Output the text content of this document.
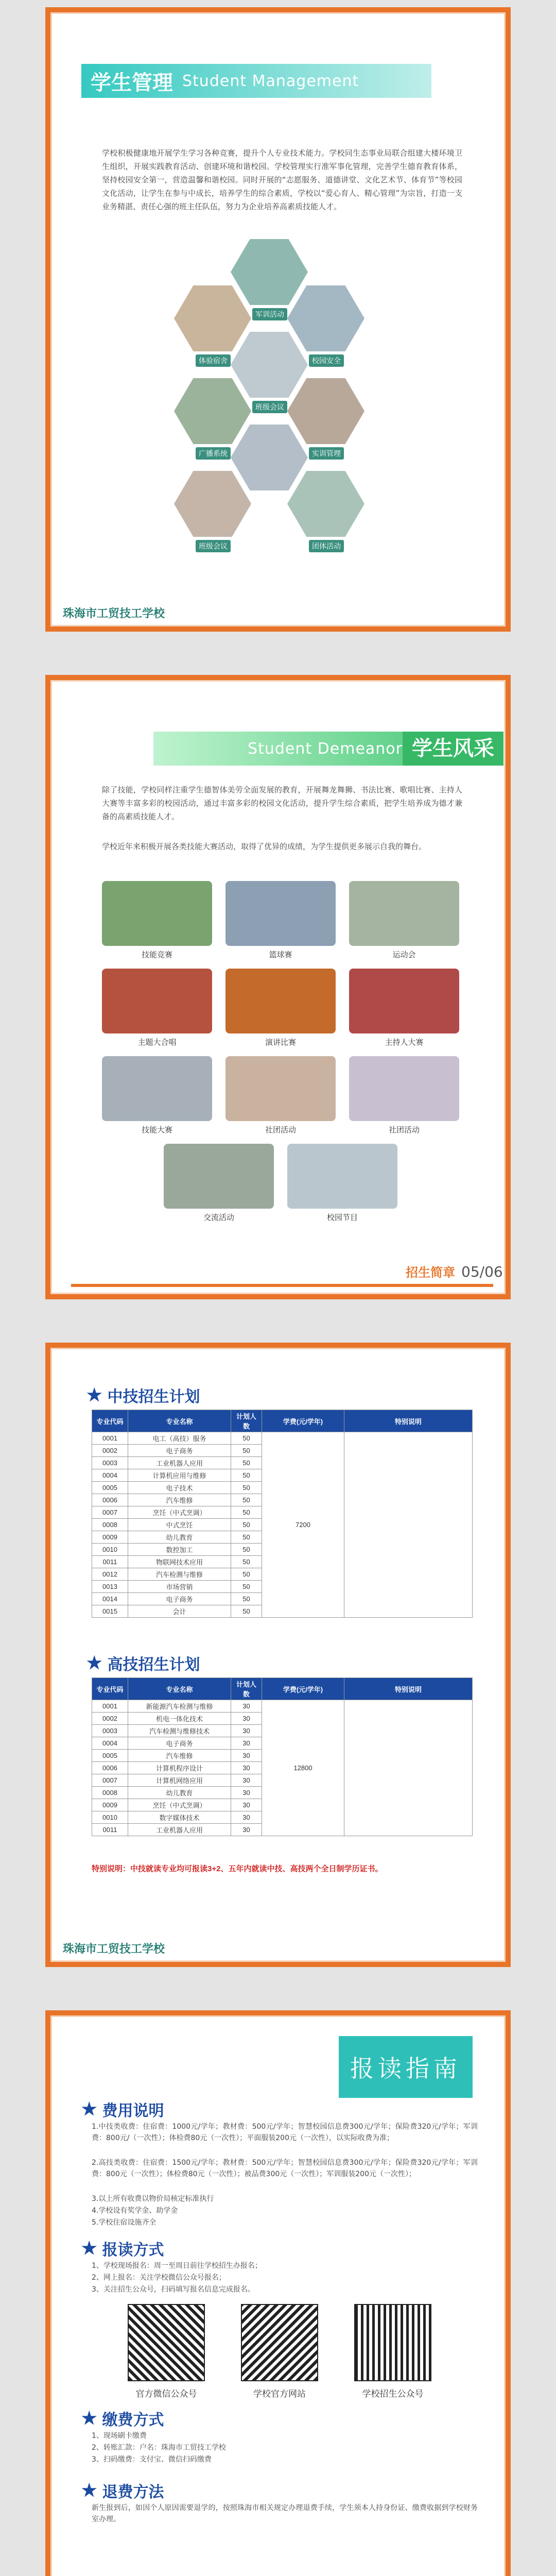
学生管理 Student Management
学校积极健康地开展学生学习各种竞赛，提升个人专业技术能力。学校同生态事业局联合组建大楼环境卫生组织，开展实践教育活动、创建环境和谐校园。学校管理实行准军事化管理，完善学生德育教育体系，坚持校园安全第一，营造温馨和谐校园。同时开展的“志愿服务、道德讲堂、文化艺术节、体育节”等校园文化活动，让学生在参与中成长，培养学生的综合素质，学校以“爱心育人、精心管理”为宗旨，打造一支业务精湛、责任心强的班主任队伍，努力为企业培养高素质技能人才。
军训活动
体验宿舍	校园安全
班级会议
广播系统	实训管理
班级会议	团体活动
珠海市工贸技工学校
Student Demeanor 学生风采
除了技能，学校同样注重学生德智体美劳全面发展的教育，开展舞龙舞狮、书法比赛、歌唱比赛、主持人大赛等丰富多彩的校园活动，通过丰富多彩的校园文化活动，提升学生综合素质，把学生培养成为德才兼备的高素质技能人才。
学校近年来积极开展各类技能大赛活动，取得了优异的成绩，为学生提供更多展示自我的舞台。
技能竞赛	篮球赛	运动会
主题大合唱	演讲比赛	主持人大赛
技能大赛	社团活动	社团活动
交流活动	校园节目
招生简章 05/06
★ 中技招生计划
专业代码	专业名称	计划人数	学费(元/学年)	特别说明
0001	电工（高技）服务	50	7200	
0002	电子商务	50		
0003	工业机器人应用	50		
0004	计算机应用与维修	50		
0005	电子技术	50		
0006	汽车维修	50		
0007	烹饪（中式烹调）	50		
0008	中式烹饪	50		
0009	幼儿教育	50		
0010	数控加工	50		
0011	物联网技术应用	50		
0012	汽车检测与维修	50		
0013	市场营销	50		
0014	电子商务	50		
0015	会计	50		
★ 高技招生计划
专业代码	专业名称	计划人数	学费(元/学年)	特别说明
0001	新能源汽车检测与维修	30	12800	
0002	机电一体化技术	30		
0003	汽车检测与维修技术	30		
0004	电子商务	30		
0005	汽车维修	30		
0006	计算机程序设计	30		
0007	计算机网络应用	30		
0008	幼儿教育	30		
0009	烹饪（中式烹调）	30		
0010	数字媒体技术	30		
0011	工业机器人应用	30		
特别说明：中技就读专业均可报读3+2、五年内就读中技、高技两个全日制学历证书。
珠海市工贸技工学校
报读指南
★ 费用说明
1.中技类收费：住宿费：1000元/学年；教材费：500元/学年；智慧校园信息费300元/学年；保险费320元/学年；军训费：800元/（一次性）；体检费80元（一次性）；平面服装200元（一次性），以实际收费为准；
2.高技类收费：住宿费：1500元/学年；教材费：500元/学年；智慧校园信息费300元/学年；保险费320元/学年；军训费：800元（一次性）；体检费80元（一次性）；被品费300元（一次性）；军训服装200元（一次性）；
3.以上所有收费以物价局核定标准执行
4.学校设有奖学金、助学金
5.学校住宿设施齐全
★ 报读方式
1、学校现场报名：周一至周日前往学校招生办报名；
2、网上报名：关注学校微信公众号报名；
3、关注招生公众号，扫码填写报名信息完成报名。
官方微信公众号	学校官方网站	学校招生公众号
★ 缴费方式
1、现场刷卡缴费
2、转账汇款：户名：珠海市工贸技工学校
3、扫码缴费：支付宝、微信扫码缴费
★ 退费方法
新生报到后，如因个人原因需要退学的，按照珠海市相关规定办理退费手续，学生须本人持身份证、缴费收据到学校财务室办理。
